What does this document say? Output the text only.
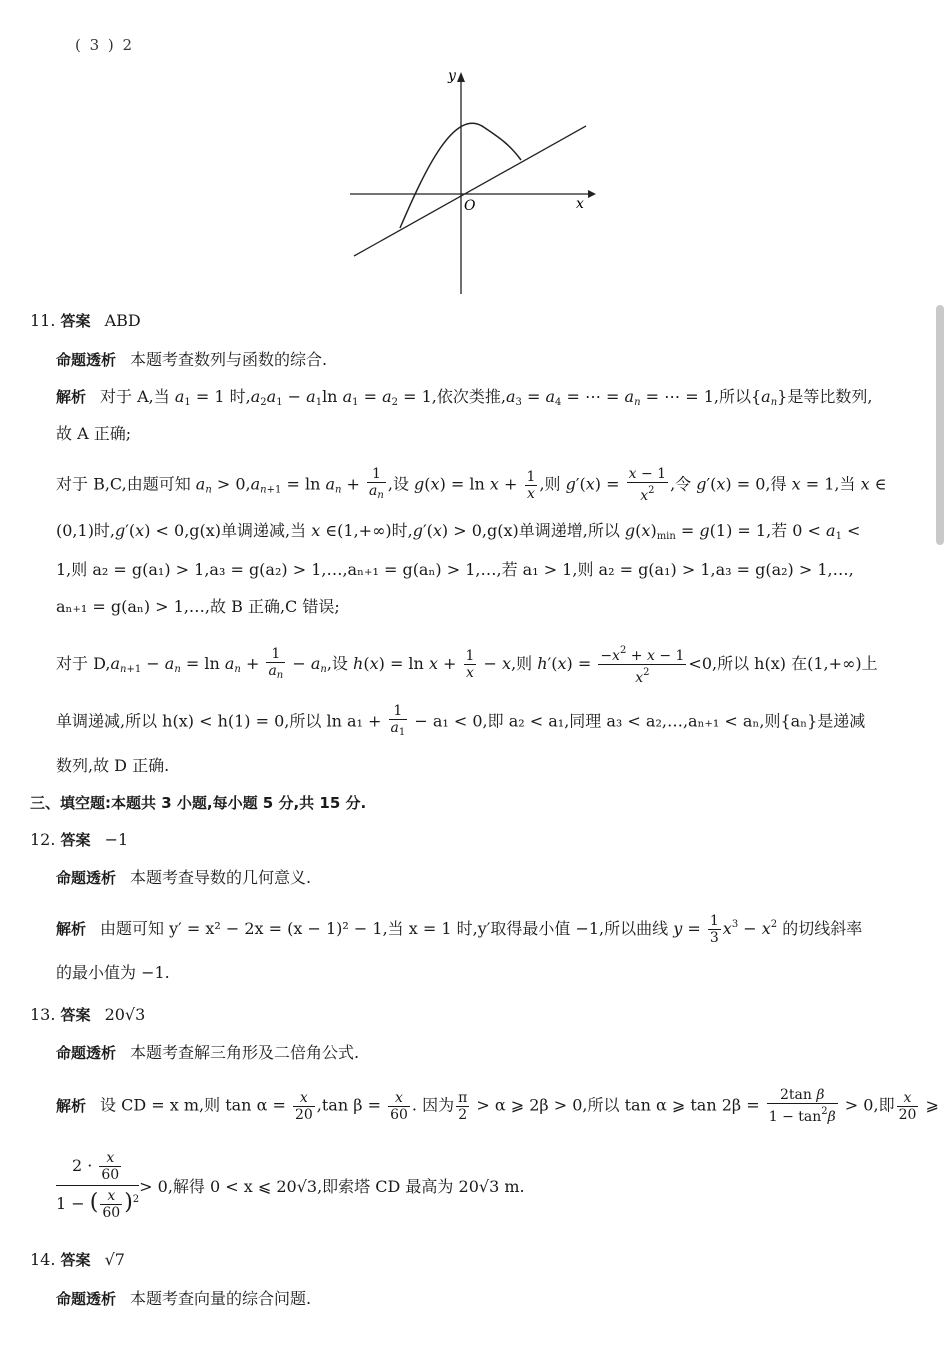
( 3 ) 2
y
x
O
11. 答案 ABD
命题透析 本题考查数列与函数的综合.
解析 对于 A,当 $a_1 = 1$ 时$,a_2a_1 - a_1\ln$ $a_1 = a_2 = 1$,依次类推$,a_3 = a_4$ = ⋯ = $a_n$ = ⋯ = 1,所以$\{a_n\}$是等比数列,
故 A 正确;
对于 B,C,由题可知 $a_n > 0,a_{n+1} = \ln a_n + \frac{1}{a_n}$ ,设 $g(x) = \ln x + \frac{1}{x}$ ,则 $g'(x) = \frac{x - 1}{x^2}$ ,令 g′(x) = 0,得 x = 1,当 x ∈
(0,1)时,g′(x) < 0,g(x)单调递减,当 x ∈(1,+∞)时,g′(x) > 0,g(x)单调递增,所以 $g(x)_{min} = g(1) = 1$,若 $0 < a_1$ <
1,则 a₂ = g(a₁) > 1,a₃ = g(a₂) > 1,…,aₙ₊₁ = g(aₙ) > 1,…,若 a₁ > 1,则 a₂ = g(a₁) > 1,a₃ = g(a₂) > 1,…,
aₙ₊₁ = g(aₙ) > 1,…,故 B 正确,C 错误;
对于 $D,a_{n+1} - a_n = \ln a_n + \frac{1}{a_n} - a_n$,设 $h(x) = \ln x + \frac{1}{x} - x$,则 $h'(x) = \frac{-x^2 + x - 1}{x^2} <0$,所以 h(x) 在(1,+∞)上
单调递减,所以 h(x) < h(1) = 0,所以 $\ln a_1 + \frac{1}{a_1} - a_1 < 0$,即 a₂ < a₁,同理 a₃ < a₂,…,aₙ₊₁ < aₙ,则{aₙ}是递减
数列,故 D 正确.
三、填空题:本题共 3 小题,每小题 5 分,共 15 分.
12. 答案 −1
命题透析 本题考查导数的几何意义.
解析 由题可知 y′ = x² − 2x = (x − 1)² − 1,当 x = 1 时,y′取得最小值 −1,所以曲线 $y = \frac{1}{3} x^3 - x^2$ 的切线斜率
的最小值为 −1.
13. 答案 20√3
命题透析 本题考查解三角形及二倍角公式.
解析 设 CD = x m,则 $\tan \alpha = \frac{x}{20} ,\tan$ $\beta = \frac{x}{60}$ . 因为 $\frac{\pi}{2} > \alpha$ ⩾ 2β > 0,所以 tan α ⩾ $\tan 2\beta = \frac{\text{2tan β}}{1 - \tan^2\beta} > 0$,即 $\frac{x}{20}$ ⩾
$2 \cdot \frac{x}{60}$
1 − ( $\frac{x}{60} )^2$
> 0,解得 0 < x ⩽ 20√3,即索塔 CD 最高为 20√3 m.
14. 答案 √7
命题透析 本题考查向量的综合问题.
